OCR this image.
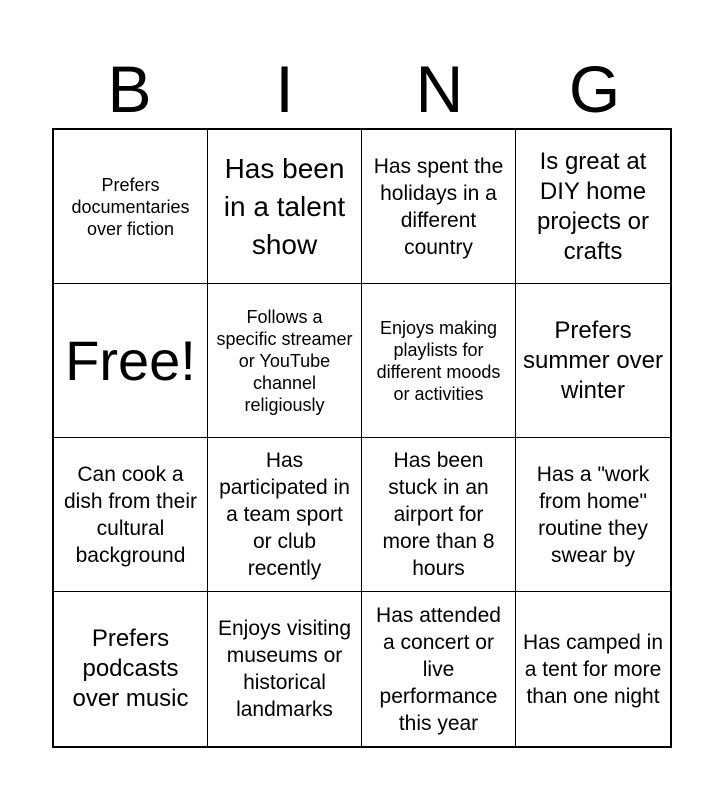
B	I	N	G
Prefers documentaries over fiction
Has been in a talent show
Has spent the holidays in a different country
Is great at DIY home projects or crafts
Free!
Follows a specific streamer or YouTube channel religiously
Enjoys making playlists for different moods or activities
Prefers summer over winter
Can cook a dish from their cultural background
Has participated in a team sport or club recently
Has been stuck in an airport for more than 8 hours
Has a "work from home" routine they swear by
Prefers podcasts over music
Enjoys visiting museums or historical landmarks
Has attended a concert or live performance this year
Has camped in a tent for more than one night
